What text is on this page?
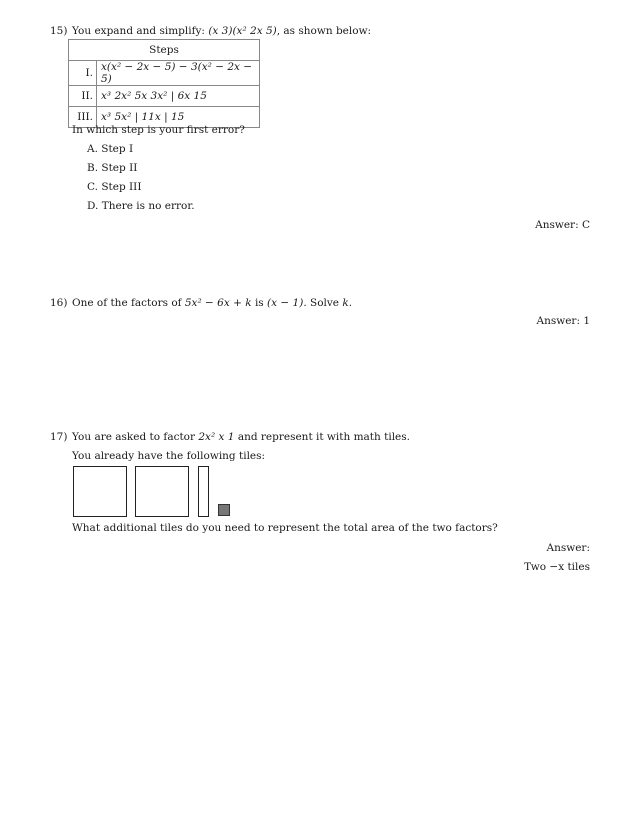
15) You expand and simplify: (x 3)(x² 2x 5), as shown below:
Steps	
I.	x(x² − 2x − 5) − 3(x² − 2x − 5)
II.	x³ 2x² 5x 3x² | 6x 15
III.	x³ 5x² | 11x | 15
In which step is your first error?
A. Step I
B. Step II
C. Step III
D. There is no error.
Answer: C
16) One of the factors of 5x² − 6x + k is (x − 1). Solve k.
Answer: 1
17) You are asked to factor 2x² x 1 and represent it with math tiles.
You already have the following tiles:
What additional tiles do you need to represent the total area of the two factors?
Answer:
Two −x tiles
